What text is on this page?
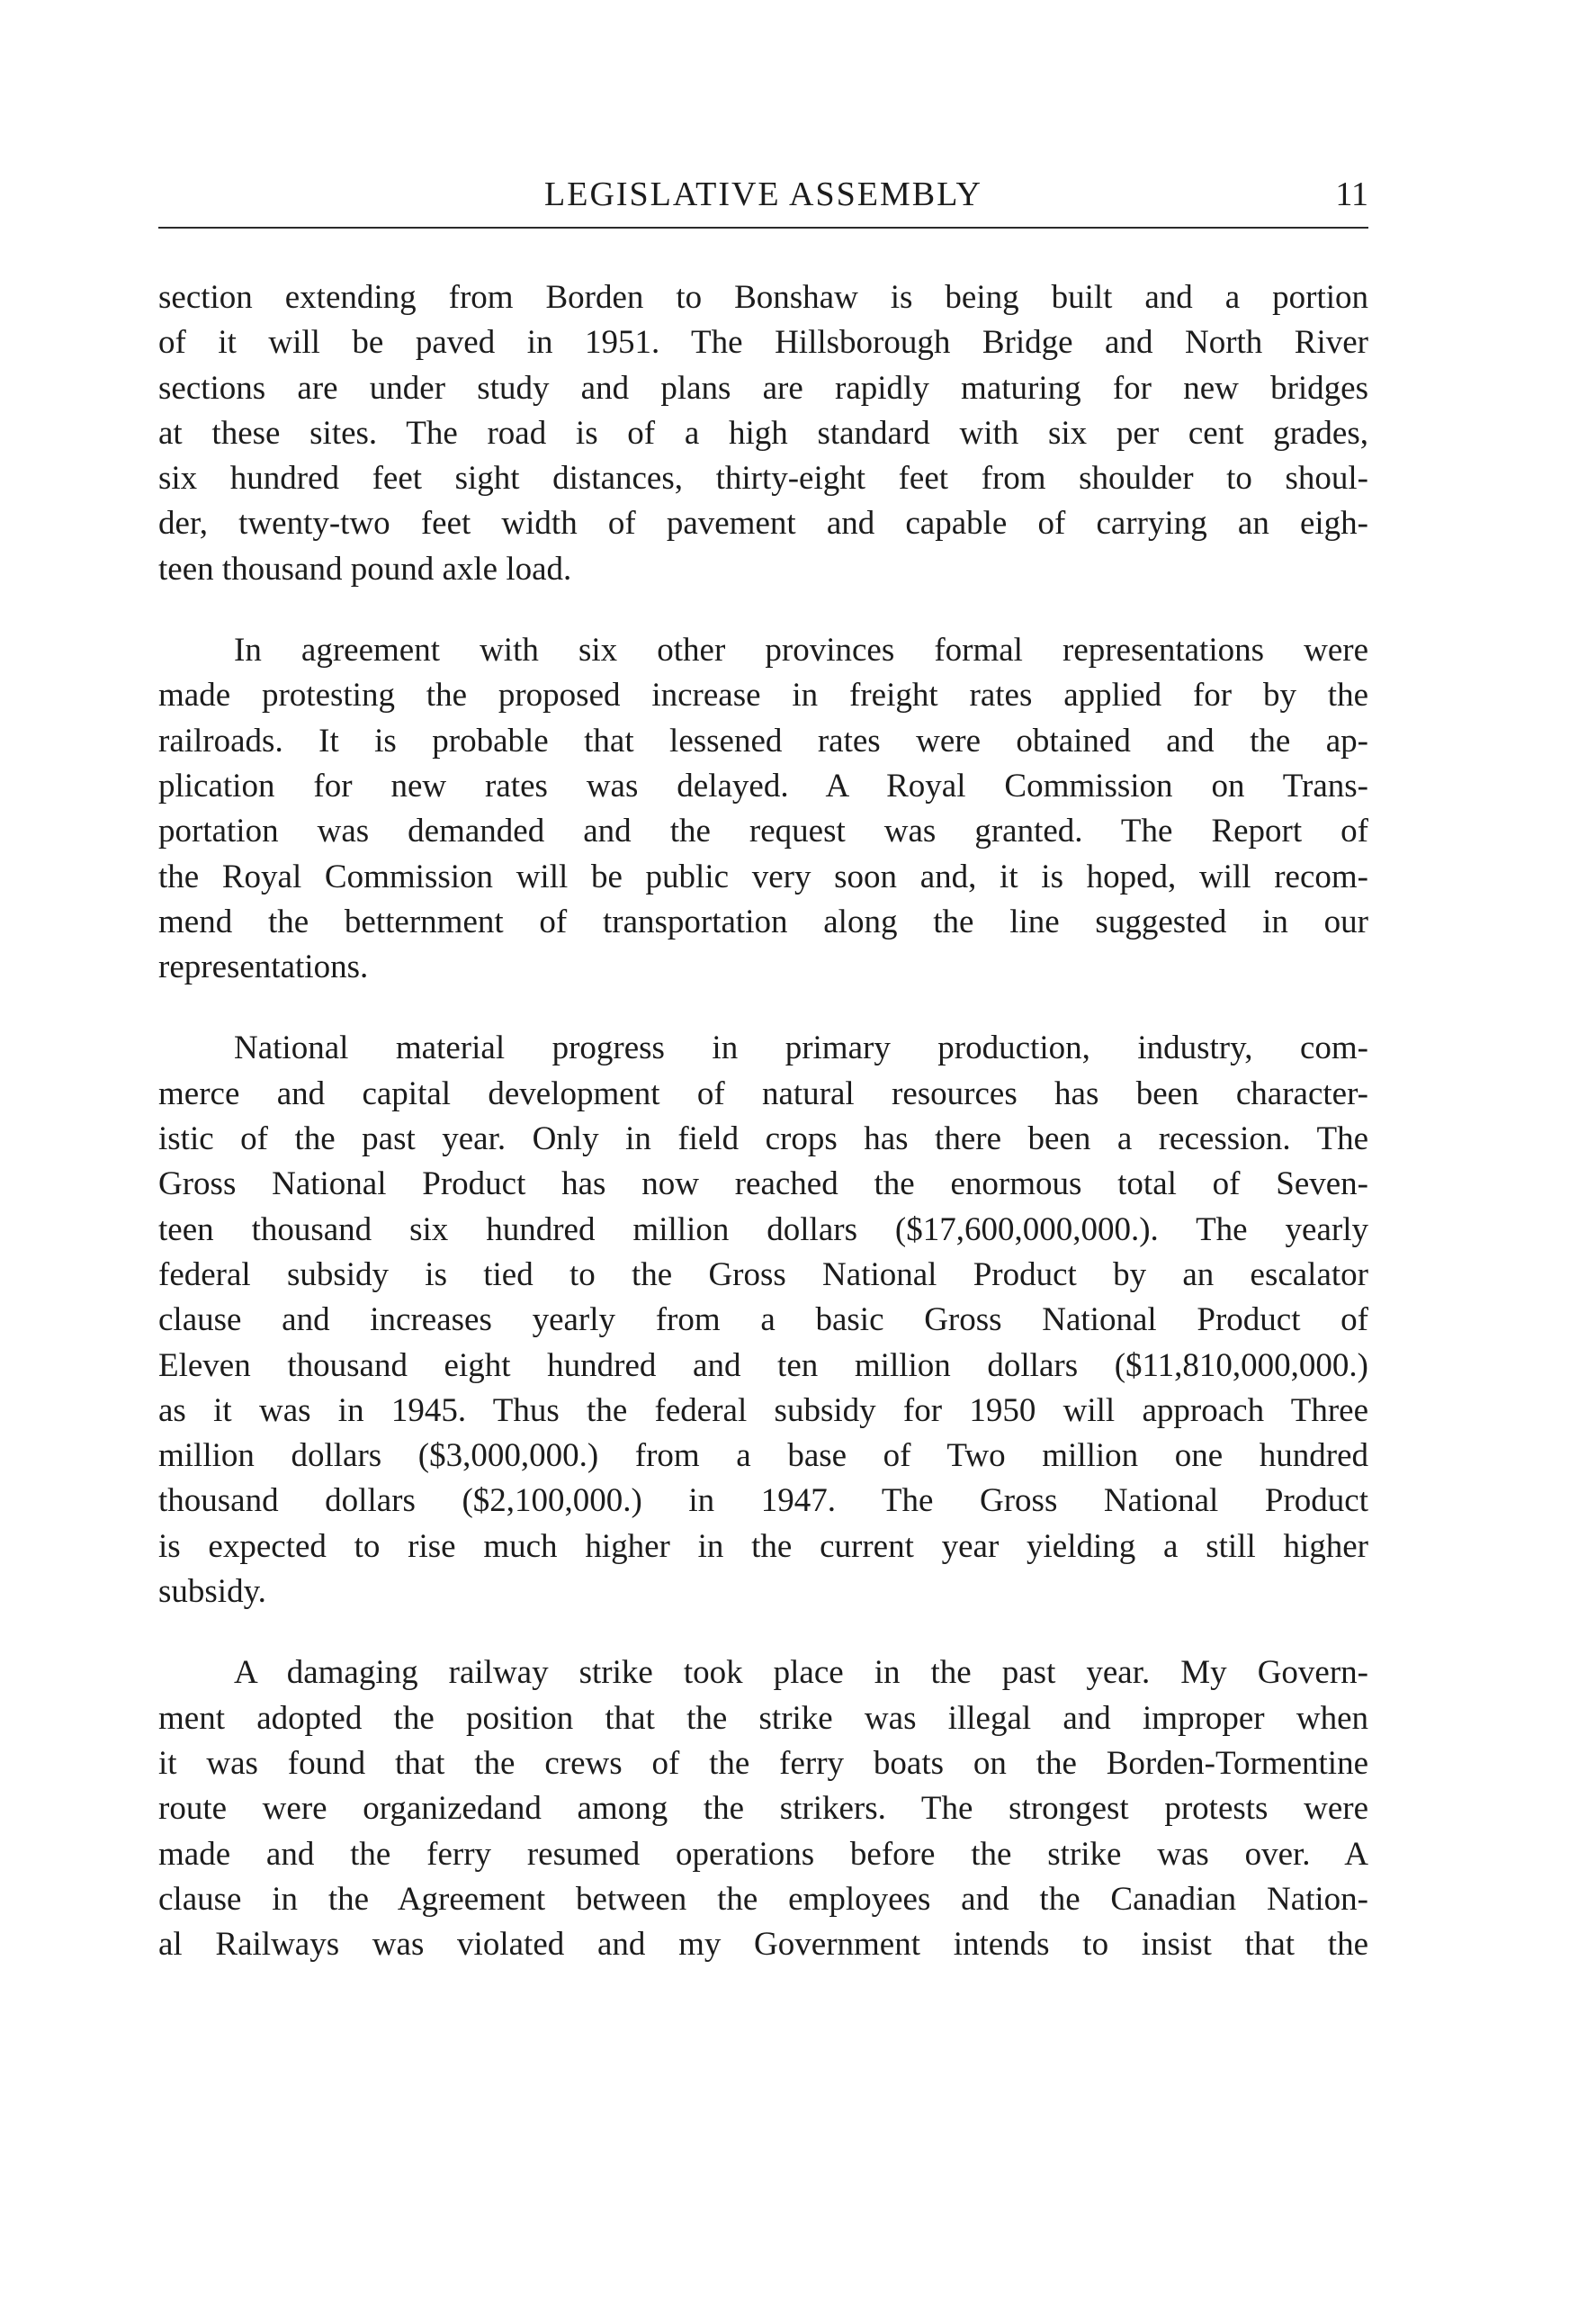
LEGISLATIVE ASSEMBLY	11

section extending from Borden to Bonshaw is being built and a portion
of it will be paved in 1951. The Hillsborough Bridge and North River
sections are under study and plans are rapidly maturing for new bridges
at these sites. The road is of a high standard with six per cent grades,
six hundred feet sight distances, thirty-eight feet from shoulder to shoul-
der, twenty-two feet width of pavement and capable of carrying an eigh-
teen thousand pound axle load.

In agreement with six other provinces formal representations were
made protesting the proposed increase in freight rates applied for by the
railroads. It is probable that lessened rates were obtained and the ap-
plication for new rates was delayed. A Royal Commission on Trans-
portation was demanded and the request was granted. The Report of
the Royal Commission will be public very soon and, it is hoped, will recom-
mend the betternment of transportation along the line suggested in our
representations.

National material progress in primary production, industry, com-
merce and capital development of natural resources has been character-
istic of the past year. Only in field crops has there been a recession. The
Gross National Product has now reached the enormous total of Seven-
teen thousand six hundred million dollars ($17,600,000,000.). The yearly
federal subsidy is tied to the Gross National Product by an escalator
clause and increases yearly from a basic Gross National Product of
Eleven thousand eight hundred and ten million dollars ($11,810,000,000.)
as it was in 1945. Thus the federal subsidy for 1950 will approach Three
million dollars ($3,000,000.) from a base of Two million one hundred
thousand dollars ($2,100,000.) in 1947. The Gross National Product
is expected to rise much higher in the current year yielding a still higher
subsidy.

A damaging railway strike took place in the past year. My Govern-
ment adopted the position that the strike was illegal and improper when
it was found that the crews of the ferry boats on the Borden-Tormentine
route were organizedand among the strikers. The strongest protests were
made and the ferry resumed operations before the strike was over. A
clause in the Agreement between the employees and the Canadian Nation-
al Railways was violated and my Government intends to insist that the
